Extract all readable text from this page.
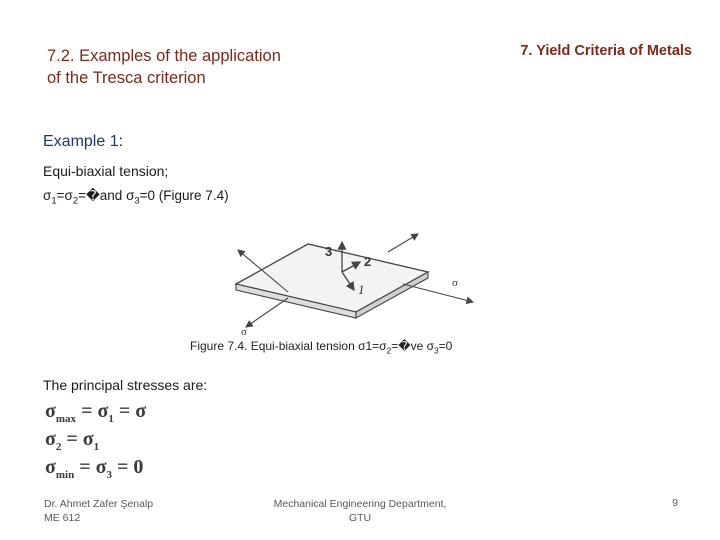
7.2. Examples of the application
of the Tresca criterion
7. Yield Criteria of Metals
Example 1:
Equi-biaxial tension;
$\sigma_1=\sigma_2=�and$ $\sigma_3=0$ (Figure 7.4)
3
2
1	σ
σ
Figure 7.4. Equi-biaxial tension $\sigma 1=\sigma_2=�ve$ $\sigma_3=0$
The principal stresses are:
$\sigma_{max} = \sigma_1 = \sigma$
$\sigma_2 = \sigma_1$
$\sigma_{min} = \sigma_3 = 0$
Dr. Ahmet Zafer Şenalp
ME 612
Mechanical Engineering Department,
GTU
9
